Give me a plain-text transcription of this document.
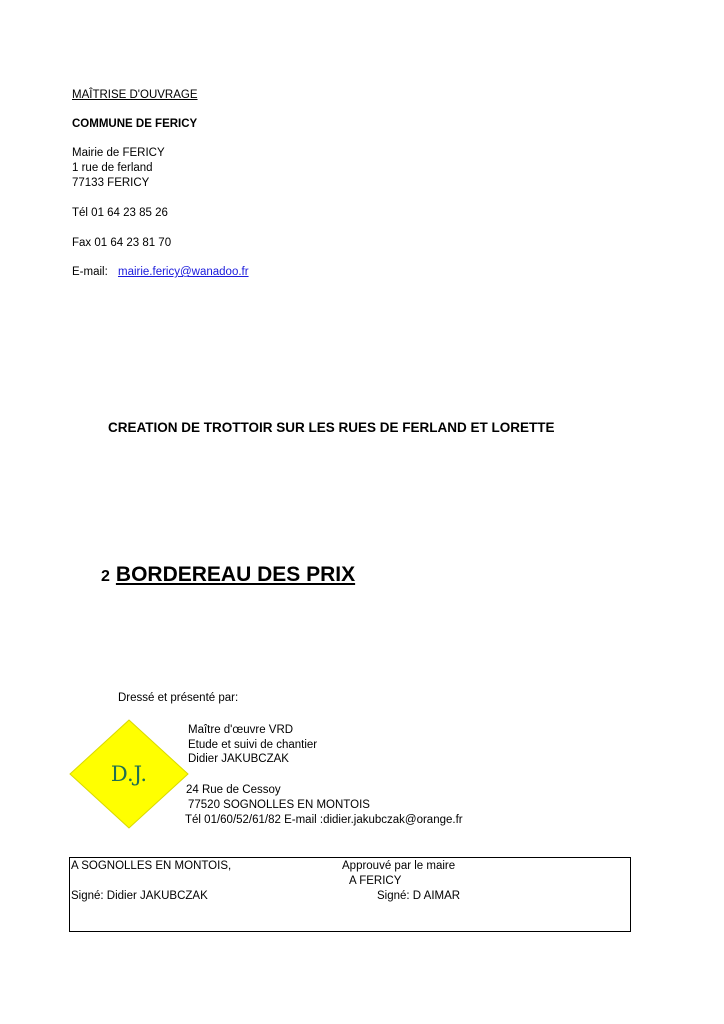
MAÎTRISE D'OUVRAGE
COMMUNE DE FERICY
Mairie de FERICY
1 rue de ferland
77133 FERICY
Tél 01 64 23 85 26
Fax 01 64 23 81 70
E-mail: mairie.fericy@wanadoo.fr
CREATION DE TROTTOIR SUR LES RUES DE FERLAND ET LORETTE
2 BORDEREAU DES PRIX
Dressé et présenté par:
D.J.
Maître d'œuvre VRD
Etude et suivi de chantier
Didier JAKUBCZAK
24 Rue de Cessoy
77520 SOGNOLLES EN MONTOIS
Tél 01/60/52/61/82 E-mail :didier.jakubczak@orange.fr
A SOGNOLLES EN MONTOIS,
Signé: Didier JAKUBCZAK
Approuvé par le maire
A FERICY
Signé: D AIMAR
